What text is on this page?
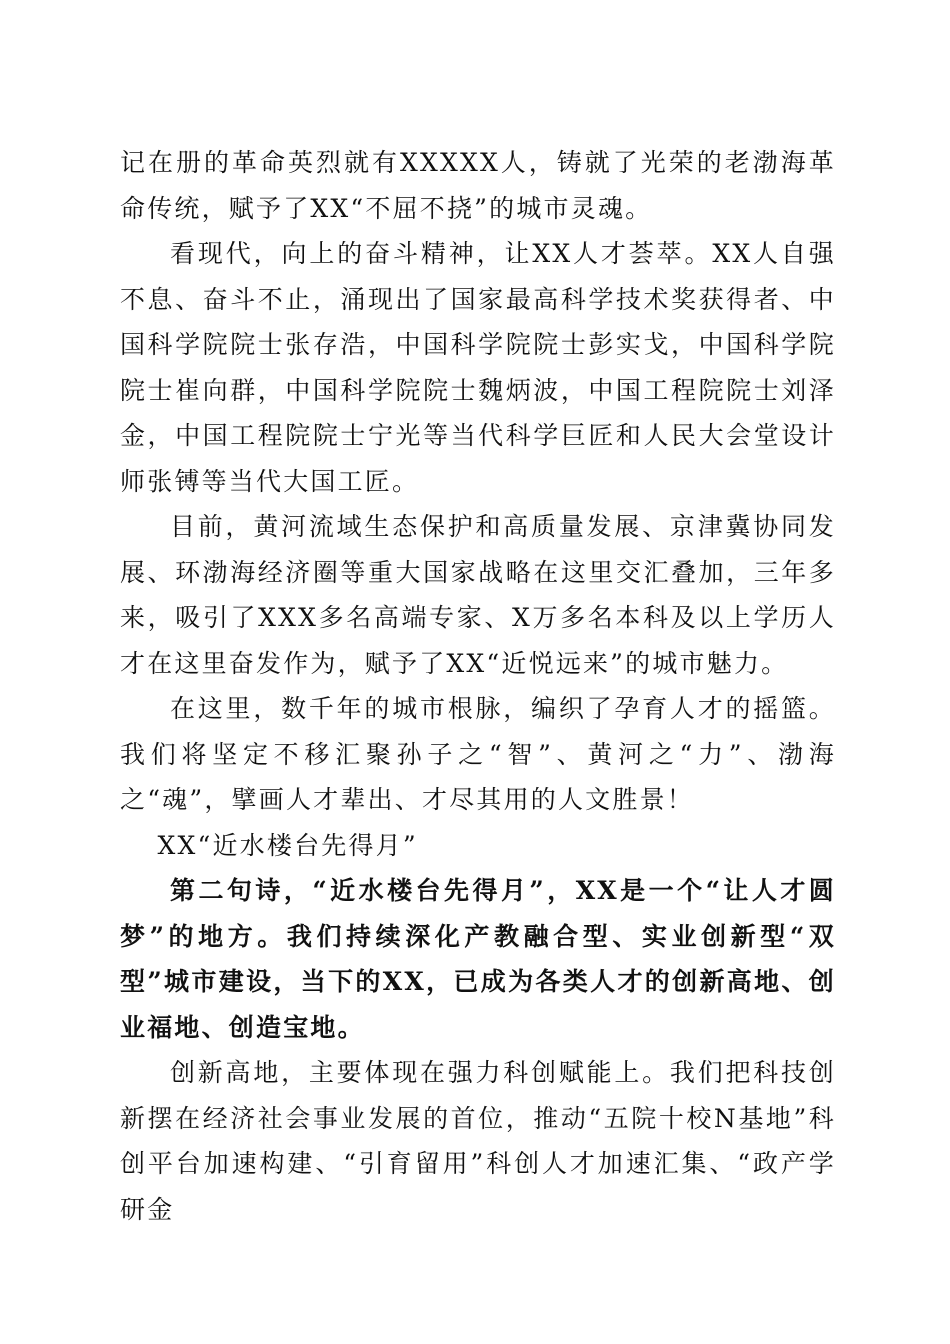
记在册的革命英烈就有XXXXX人，铸就了光荣的老渤海革命传统，赋予了XX“不屈不挠”的城市灵魂。

看现代，向上的奋斗精神，让XX人才荟萃。XX人自强不息、奋斗不止，涌现出了国家最高科学技术奖获得者、中国科学院院士张存浩，中国科学院院士彭实戈，中国科学院院士崔向群，中国科学院院士魏炳波，中国工程院院士刘泽金，中国工程院院士宁光等当代科学巨匠和人民大会堂设计师张镈等当代大国工匠。

目前，黄河流域生态保护和高质量发展、京津冀协同发展、环渤海经济圈等重大国家战略在这里交汇叠加，三年多来，吸引了XXX多名高端专家、X万多名本科及以上学历人才在这里奋发作为，赋予了XX“近悦远来”的城市魅力。

在这里，数千年的城市根脉，编织了孕育人才的摇篮。我们将坚定不移汇聚孙子之“智”、黄河之“力”、渤海之“魂”，擘画人才辈出、才尽其用的人文胜景！

XX“近水楼台先得月”

第二句诗，“近水楼台先得月”，XX是一个“让人才圆梦”的地方。我们持续深化产教融合型、实业创新型“双型”城市建设，当下的XX，已成为各类人才的创新高地、创业福地、创造宝地。

创新高地，主要体现在强力科创赋能上。我们把科技创新摆在经济社会事业发展的首位，推动“五院十校N基地”科创平台加速构建、“引育留用”科创人才加速汇集、“政产学研金
